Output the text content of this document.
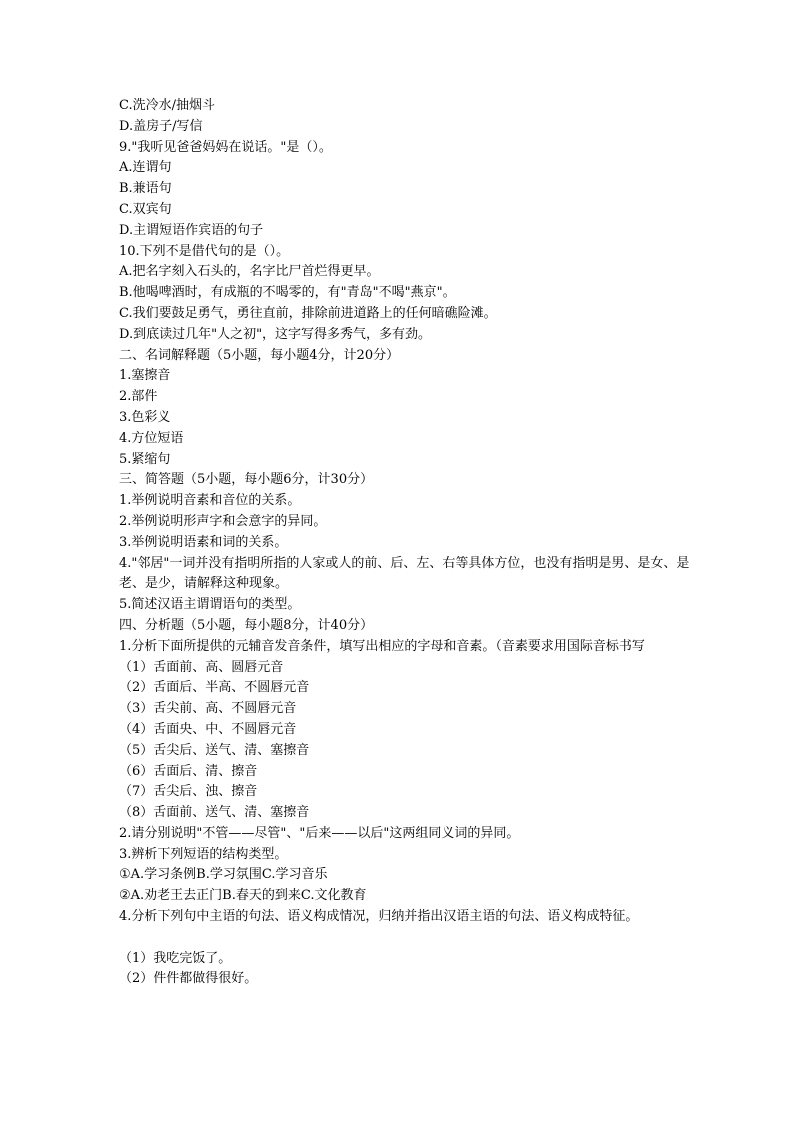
C.洗冷水/抽烟斗
D.盖房子/写信
9."我听见爸爸妈妈在说话。"是（）。
A.连谓句
B.兼语句
C.双宾句
D.主谓短语作宾语的句子
10.下列不是借代句的是（）。
A.把名字刻入石头的，名字比尸首烂得更早。
B.他喝啤酒时，有成瓶的不喝零的，有"青岛"不喝"燕京"。
C.我们要鼓足勇气，勇往直前，排除前进道路上的任何暗礁险滩。
D.到底读过几年"人之初"，这字写得多秀气，多有劲。
二、名词解释题（5小题，每小题4分，计20分）
1.塞擦音
2.部件
3.色彩义
4.方位短语
5.紧缩句
三、简答题（5小题，每小题6分，计30分）
1.举例说明音素和音位的关系。
2.举例说明形声字和会意字的异同。
3.举例说明语素和词的关系。
4."邻居"一词并没有指明所指的人家或人的前、后、左、右等具体方位，也没有指明是男、是女、是老、是少，请解释这种现象。
5.简述汉语主谓谓语句的类型。
四、分析题（5小题，每小题8分，计40分）
1.分析下面所提供的元辅音发音条件，填写出相应的字母和音素。（音素要求用国际音标书写
（1）舌面前、高、圆唇元音
（2）舌面后、半高、不圆唇元音
（3）舌尖前、高、不圆唇元音
（4）舌面央、中、不圆唇元音
（5）舌尖后、送气、清、塞擦音
（6）舌面后、清、擦音
（7）舌尖后、浊、擦音
（8）舌面前、送气、清、塞擦音
2.请分别说明"不管——尽管"、"后来——以后"这两组同义词的异同。
3.辨析下列短语的结构类型。
①A.学习条例B.学习氛围C.学习音乐
②A.劝老王去正门B.春天的到来C.文化教育
4.分析下列句中主语的句法、语义构成情况，归纳并指出汉语主语的句法、语义构成特征。
（1）我吃完饭了。
（2）件件都做得很好。
